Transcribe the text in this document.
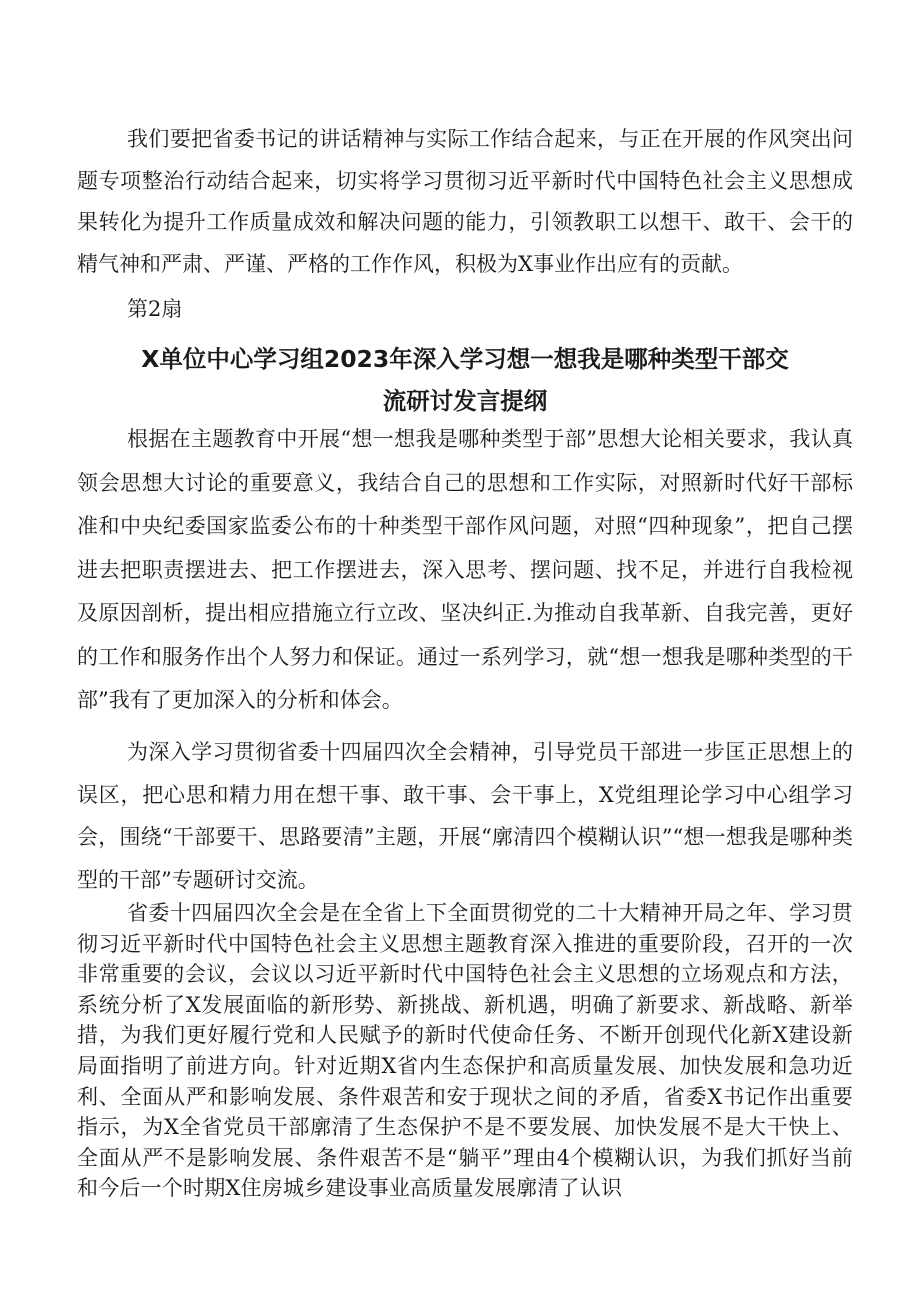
我们要把省委书记的讲话精神与实际工作结合起来，与正在开展的作风突出问题专项整治行动结合起来，切实将学习贯彻习近平新时代中国特色社会主义思想成果转化为提升工作质量成效和解决问题的能力，引领教职工以想干、敢干、会干的精气神和严肃、严谨、严格的工作作风，积极为X事业作出应有的贡献。

第2扇

X单位中心学习组2023年深入学习想一想我是哪种类型干部交
流研讨发言提纲

根据在主题教育中开展“想一想我是哪种类型于部”思想大论相关要求，我认真领会思想大讨论的重要意义，我结合自己的思想和工作实际，对照新时代好干部标准和中央纪委国家监委公布的十种类型干部作风问题，对照“四种现象”，把自己摆进去把职责摆进去、把工作摆进去，深入思考、摆问题、找不足，并进行自我检视及原因剖析，提出相应措施立行立改、坚决纠正.为推动自我革新、自我完善，更好的工作和服务作出个人努力和保证。通过一系列学习，就“想一想我是哪种类型的干部”我有了更加深入的分析和体会。

为深入学习贯彻省委十四届四次全会精神，引导党员干部进一步匡正思想上的误区，把心思和精力用在想干事、敢干事、会干事上，X党组理论学习中心组学习会，围绕“干部要干、思路要清”主题，开展“廓清四个模糊认识”“想一想我是哪种类型的干部”专题研讨交流。

省委十四届四次全会是在全省上下全面贯彻党的二十大精神开局之年、学习贯彻习近平新时代中国特色社会主义思想主题教育深入推进的重要阶段，召开的一次非常重要的会议，会议以习近平新时代中国特色社会主义思想的立场观点和方法，系统分析了X发展面临的新形势、新挑战、新机遇，明确了新要求、新战略、新举措，为我们更好履行党和人民赋予的新时代使命任务、不断开创现代化新X建设新局面指明了前进方向。针对近期X省内生态保护和高质量发展、加快发展和急功近利、全面从严和影响发展、条件艰苦和安于现状之间的矛盾，省委X书记作出重要指示，为X全省党员干部廓清了生态保护不是不要发展、加快发展不是大干快上、全面从严不是影响发展、条件艰苦不是“躺平”理由4个模糊认识，为我们抓好当前和今后一个时期X住房城乡建设事业高质量发展廓清了认识
